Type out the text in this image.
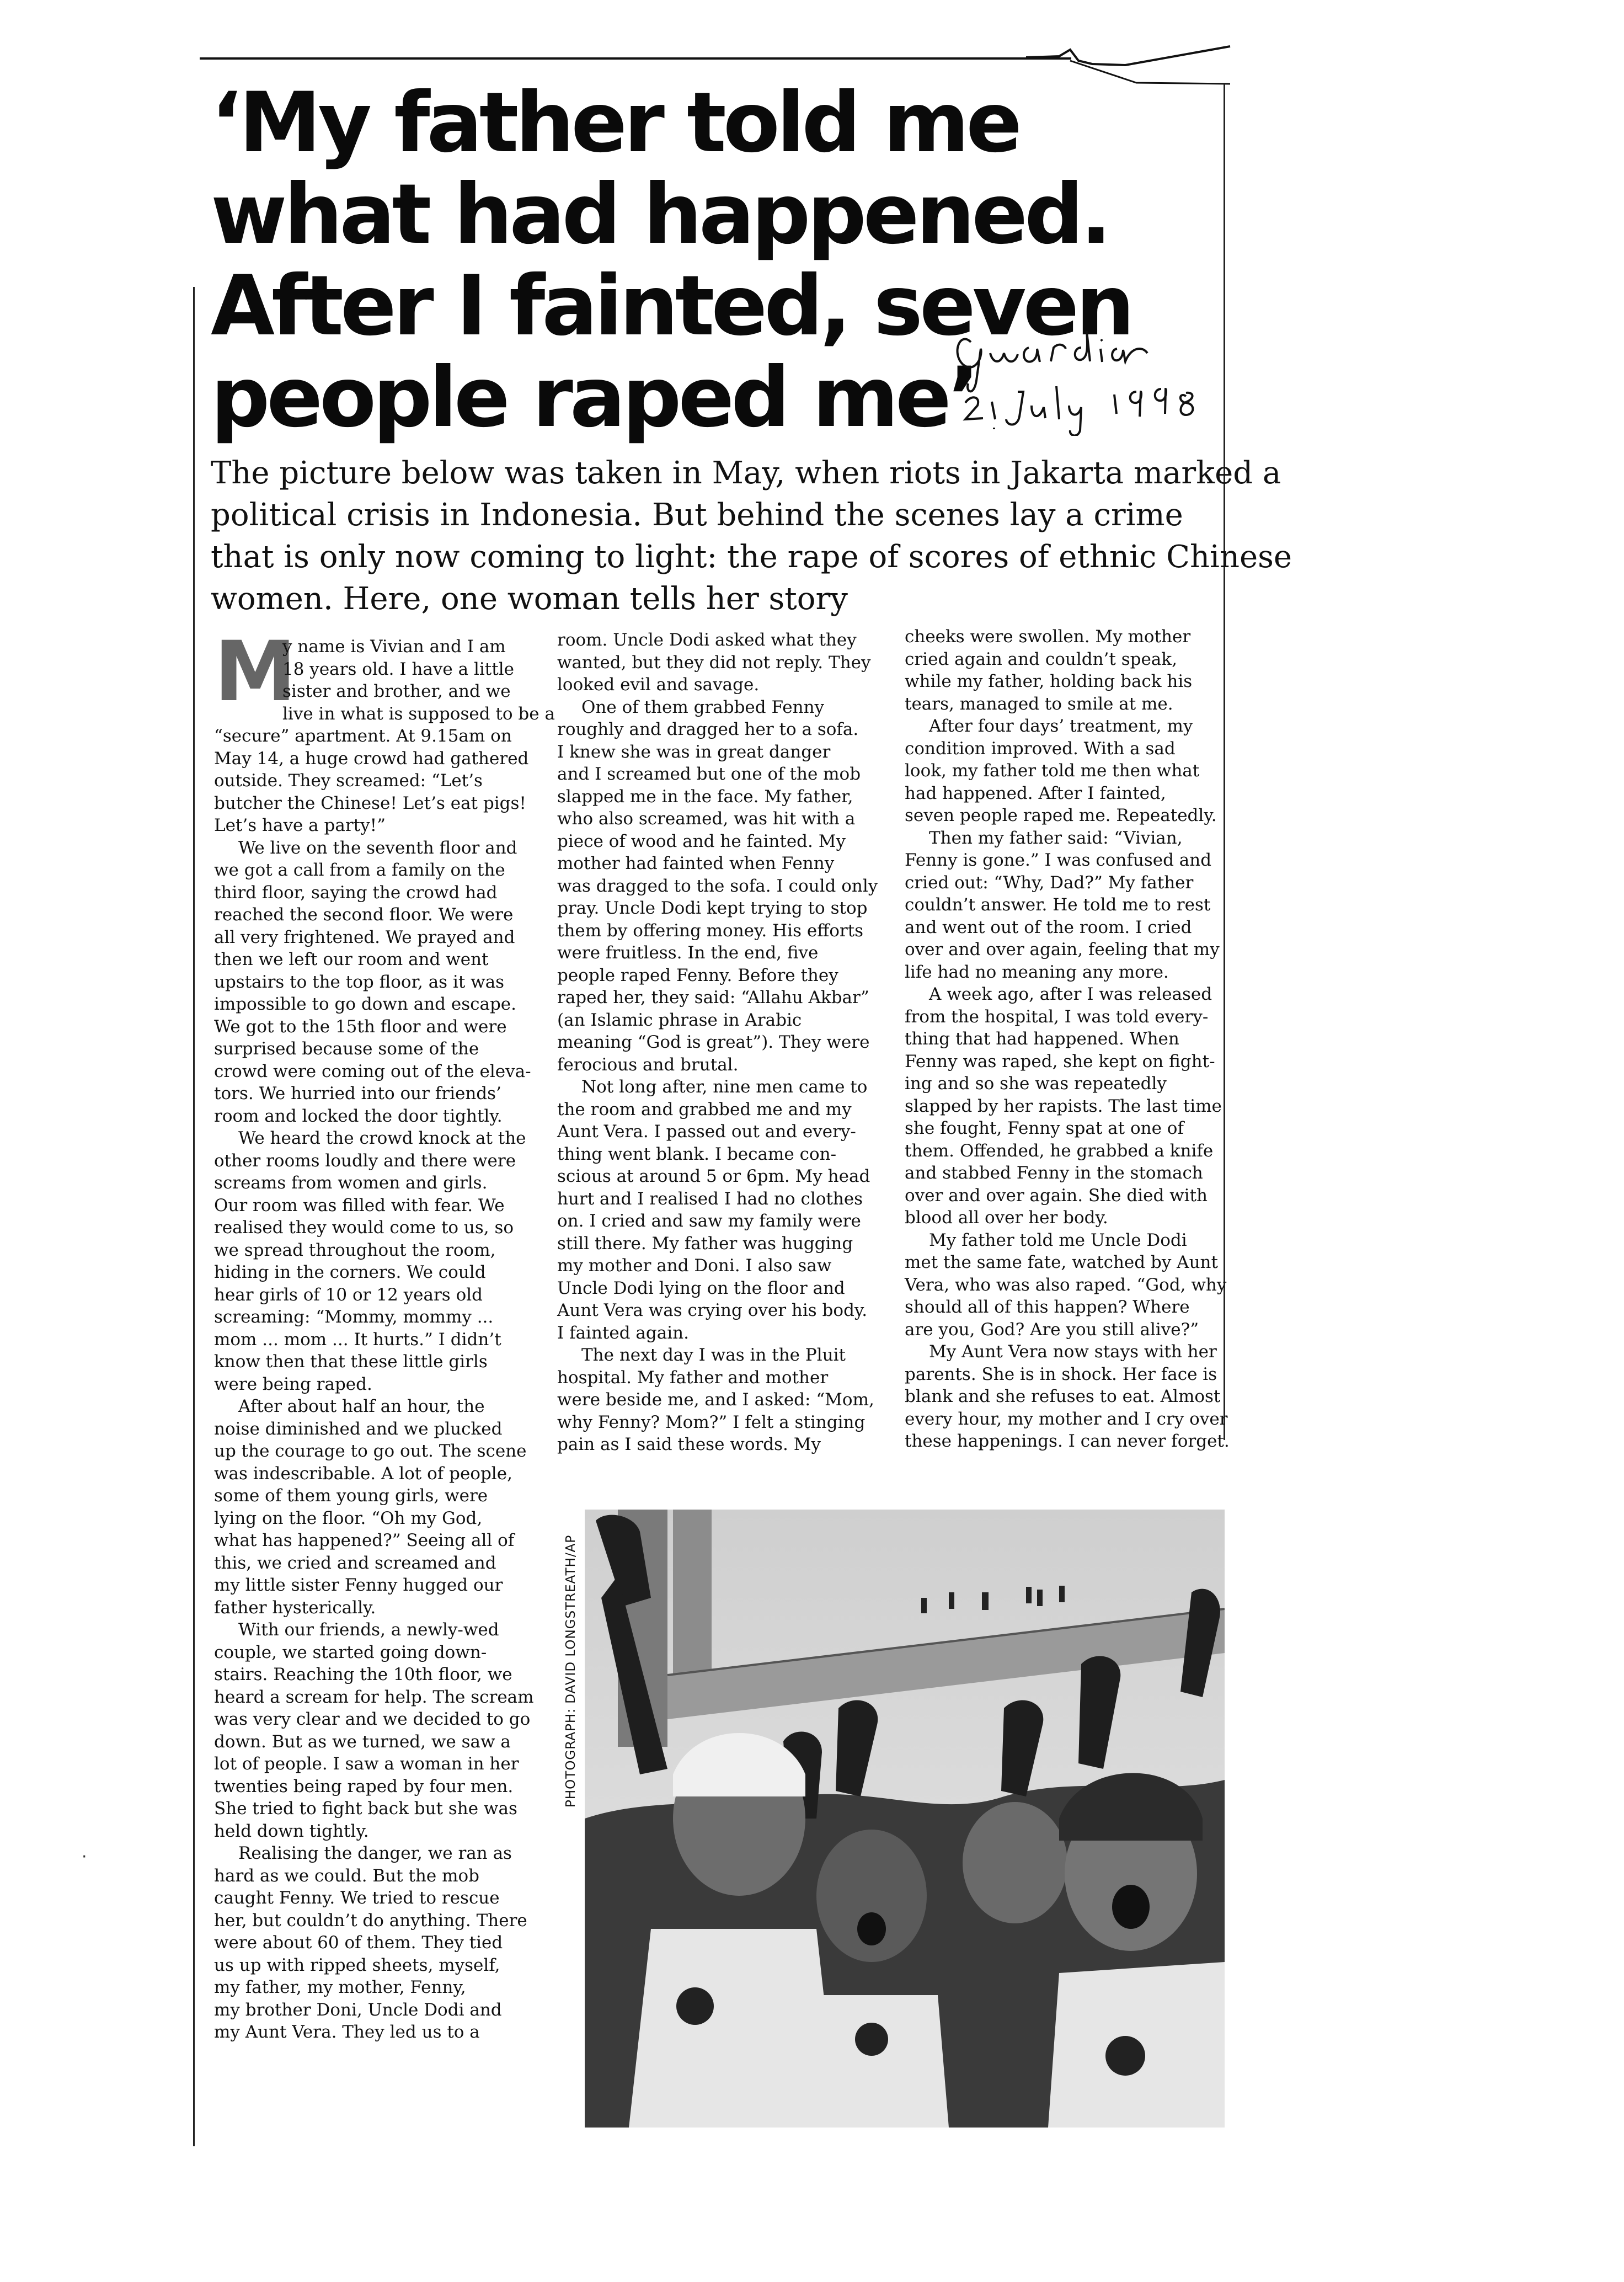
‘My father told me
what had happened.
After I fainted, seven
people raped me’
The picture below was taken in May, when riots in Jakarta marked a
political crisis in Indonesia. But behind the scenes lay a crime
that is only now coming to light: the rape of scores of ethnic Chinese
women. Here, one woman tells her story
M

y name is Vivian and I am

18 years old. I have a little

sister and brother, and we

live in what is supposed to be a

“secure” apartment. At 9.15am on

May 14, a huge crowd had gathered

outside. They screamed: “Let’s

butcher the Chinese! Let’s eat pigs!

Let’s have a party!”

We live on the seventh floor and

we got a call from a family on the

third floor, saying the crowd had

reached the second floor. We were

all very frightened. We prayed and

then we left our room and went

upstairs to the top floor, as it was

impossible to go down and escape.

We got to the 15th floor and were

surprised because some of the

crowd were coming out of the eleva-

tors. We hurried into our friends’

room and locked the door tightly.

We heard the crowd knock at the

other rooms loudly and there were

screams from women and girls.

Our room was filled with fear. We

realised they would come to us, so

we spread throughout the room,

hiding in the corners. We could

hear girls of 10 or 12 years old

screaming: “Mommy, mommy ...

mom ... mom ... It hurts.” I didn’t

know then that these little girls

were being raped.

After about half an hour, the

noise diminished and we plucked

up the courage to go out. The scene

was indescribable. A lot of people,

some of them young girls, were

lying on the floor. “Oh my God,

what has happened?” Seeing all of

this, we cried and screamed and

my little sister Fenny hugged our

father hysterically.

With our friends, a newly-wed

couple, we started going down-

stairs. Reaching the 10th floor, we

heard a scream for help. The scream

was very clear and we decided to go

down. But as we turned, we saw a

lot of people. I saw a woman in her

twenties being raped by four men.

She tried to fight back but she was

held down tightly.

Realising the danger, we ran as

hard as we could. But the mob

caught Fenny. We tried to rescue

her, but couldn’t do anything. There

were about 60 of them. They tied

us up with ripped sheets, myself,

my father, my mother, Fenny,

my brother Doni, Uncle Dodi and

my Aunt Vera. They led us to a

room. Uncle Dodi asked what they

wanted, but they did not reply. They

looked evil and savage.

One of them grabbed Fenny

roughly and dragged her to a sofa.

I knew she was in great danger

and I screamed but one of the mob

slapped me in the face. My father,

who also screamed, was hit with a

piece of wood and he fainted. My

mother had fainted when Fenny

was dragged to the sofa. I could only

pray. Uncle Dodi kept trying to stop

them by offering money. His efforts

were fruitless. In the end, five

people raped Fenny. Before they

raped her, they said: “Allahu Akbar”

(an Islamic phrase in Arabic

meaning “God is great”). They were

ferocious and brutal.

Not long after, nine men came to

the room and grabbed me and my

Aunt Vera. I passed out and every-

thing went blank. I became con-

scious at around 5 or 6pm. My head

hurt and I realised I had no clothes

on. I cried and saw my family were

still there. My father was hugging

my mother and Doni. I also saw

Uncle Dodi lying on the floor and

Aunt Vera was crying over his body.

I fainted again.

The next day I was in the Pluit

hospital. My father and mother

were beside me, and I asked: “Mom,

why Fenny? Mom?” I felt a stinging

pain as I said these words. My

cheeks were swollen. My mother

cried again and couldn’t speak,

while my father, holding back his

tears, managed to smile at me.

After four days’ treatment, my

condition improved. With a sad

look, my father told me then what

had happened. After I fainted,

seven people raped me. Repeatedly.

Then my father said: “Vivian,

Fenny is gone.” I was confused and

cried out: “Why, Dad?” My father

couldn’t answer. He told me to rest

and went out of the room. I cried

over and over again, feeling that my

life had no meaning any more.

A week ago, after I was released

from the hospital, I was told every-

thing that had happened. When

Fenny was raped, she kept on fight-

ing and so she was repeatedly

slapped by her rapists. The last time

she fought, Fenny spat at one of

them. Offended, he grabbed a knife

and stabbed Fenny in the stomach

over and over again. She died with

blood all over her body.

My father told me Uncle Dodi

met the same fate, watched by Aunt

Vera, who was also raped. “God, why

should all of this happen? Where

are you, God? Are you still alive?”

My Aunt Vera now stays with her

parents. She is in shock. Her face is

blank and she refuses to eat. Almost

every hour, my mother and I cry over

these happenings. I can never forget.

PHOTOGRAPH: DAVID LONGSTREATH/AP
·
